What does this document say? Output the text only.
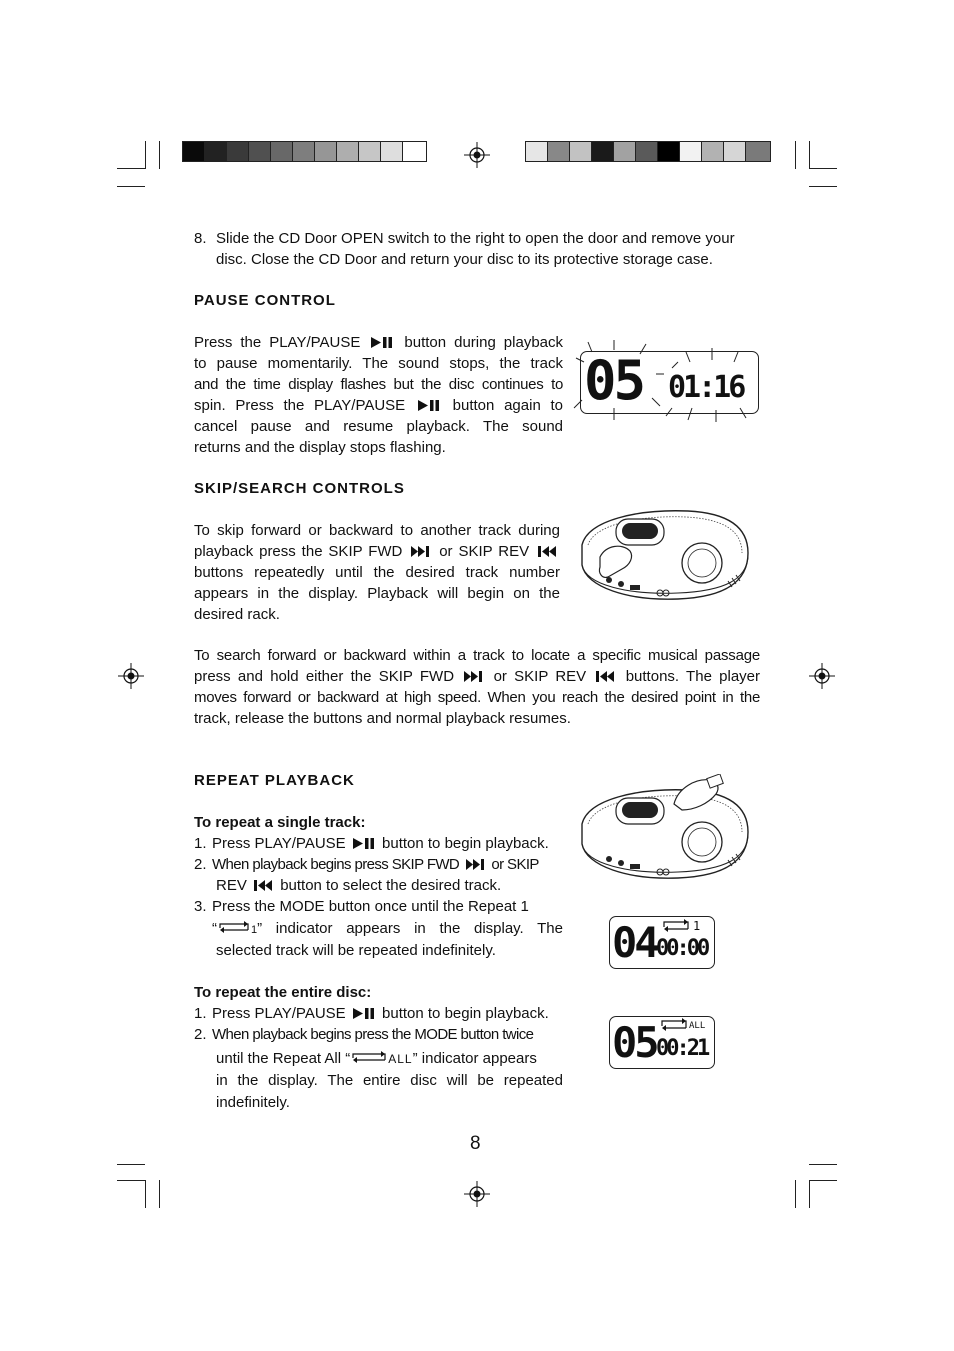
8. Slide the CD Door OPEN switch to the right to open the door and remove your
disc. Close the CD Door and return your disc to its protective storage case.
PAUSE CONTROL
Press the PLAY/PAUSE	button during playback
to pause momentarily. The sound stops, the track
and the time display flashes but the disc continues to
spin. Press the PLAY/PAUSE	button again to
cancel pause and resume playback. The sound
returns and the display stops flashing.
05 01:16
SKIP/SEARCH CONTROLS
To skip forward or backward to another track during
playback press the SKIP FWD or SKIP REV
buttons repeatedly until the desired track number
appears in the display. Playback will begin on the
desired rack.
To search forward or backward within a track to locate a specific musical passage
press and hold either the SKIP FWD	or SKIP REV	buttons. The player
moves forward or backward at high speed. When you reach the desired point in the
track, release the buttons and normal playback resumes.
REPEAT PLAYBACK
To repeat a single track:
1. Press PLAY/PAUSE button to begin playback.
2. When playback begins press SKIP FWD or SKIP
REV button to select the desired track.
3. Press the MODE button once until the Repeat 1
“	1” indicator appears in the display. The
selected track will be repeated indefinitely.
1
04 00:00
To repeat the entire disc:
1. Press PLAY/PAUSE button to begin playback.
2. When playback begins press the MODE button twice
until the Repeat All “	ALL” indicator appears
in the display. The entire disc will be repeated
indefinitely.
ALL
05 00:21
8
